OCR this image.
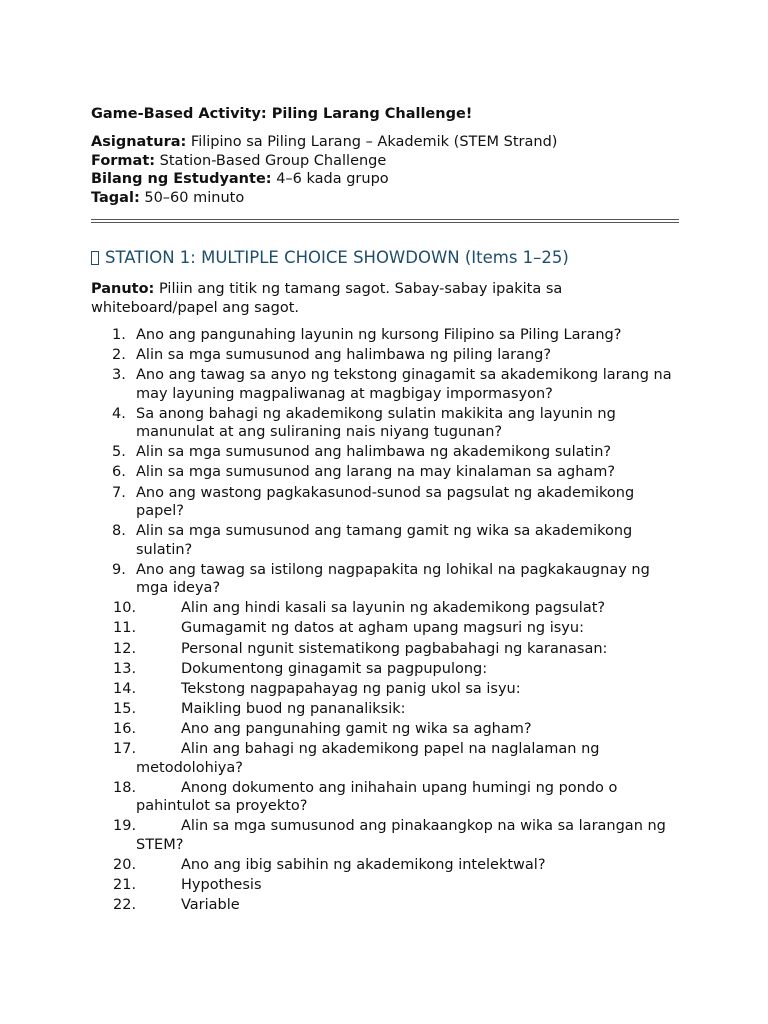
Game-Based Activity: Piling Larang Challenge!

Asignatura: Filipino sa Piling Larang – Akademik (STEM Strand)

Format: Station-Based Group Challenge

Bilang ng Estudyante: 4–6 kada grupo

Tagal: 50–60 minuto

STATION 1: MULTIPLE CHOICE SHOWDOWN (Items 1–25)
Panuto: Piliin ang titik ng tamang sagot. Sabay-sabay ipakita sa whiteboard/papel ang sagot.
1. Ano ang pangunahing layunin ng kursong Filipino sa Piling Larang?
2. Alin sa mga sumusunod ang halimbawa ng piling larang?
3. Ano ang tawag sa anyo ng tekstong ginagamit sa akademikong larang na may layuning magpaliwanag at magbigay impormasyon?
4. Sa anong bahagi ng akademikong sulatin makikita ang layunin ng manunulat at ang suliraning nais niyang tugunan?
5. Alin sa mga sumusunod ang halimbawa ng akademikong sulatin?
6. Alin sa mga sumusunod ang larang na may kinalaman sa agham?
7. Ano ang wastong pagkakasunod-sunod sa pagsulat ng akademikong papel?
8. Alin sa mga sumusunod ang tamang gamit ng wika sa akademikong sulatin?
9. Ano ang tawag sa istilong nagpapakita ng lohikal na pagkakaugnay ng mga ideya?
10.	Alin ang hindi kasali sa layunin ng akademikong pagsulat?
11.	Gumagamit ng datos at agham upang magsuri ng isyu:
12.	Personal ngunit sistematikong pagbabahagi ng karanasan:
13.	Dokumentong ginagamit sa pagpupulong:
14.	Tekstong nagpapahayag ng panig ukol sa isyu:
15.	Maikling buod ng pananaliksik:
16.	Ano ang pangunahing gamit ng wika sa agham?
17.	Alin ang bahagi ng akademikong papel na naglalaman ng metodolohiya?
18.	Anong dokumento ang inihahain upang humingi ng pondo o pahintulot sa proyekto?
19.	Alin sa mga sumusunod ang pinakaangkop na wika sa larangan ng STEM?
20.	Ano ang ibig sabihin ng akademikong intelektwal?
21.	Hypothesis
22.	Variable
